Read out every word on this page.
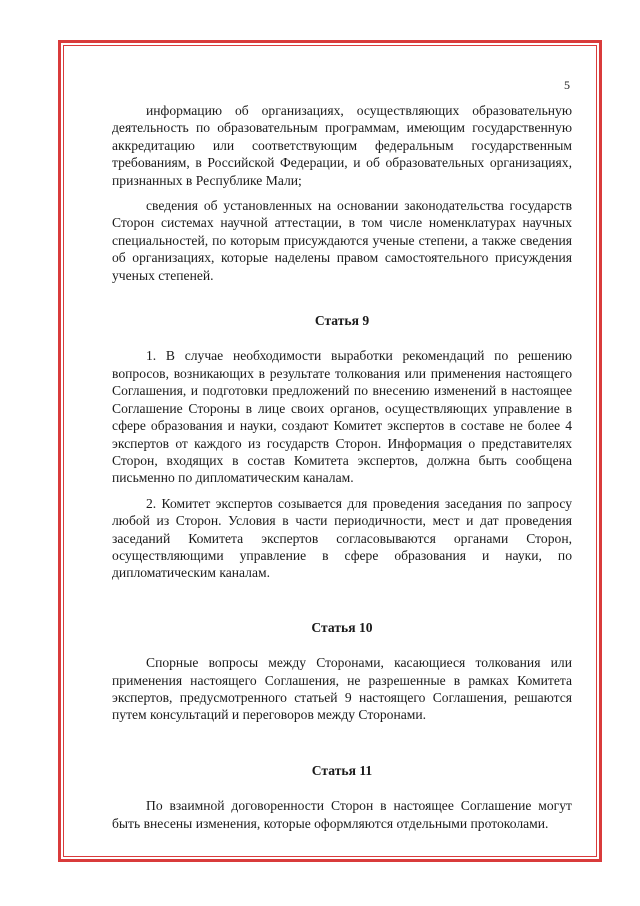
5

информацию об организациях, осуществляющих образовательную деятельность по образовательным программам, имеющим государственную аккредитацию или соответствующим федеральным государственным требованиям, в Российской Федерации, и об образовательных организациях, признанных в Республике Мали;

сведения об установленных на основании законодательства государств Сторон системах научной аттестации, в том числе номенклатурах научных специальностей, по которым присуждаются ученые степени, а также сведения об организациях, которые наделены правом самостоятельного присуждения ученых степеней.

Статья 9

1. В случае необходимости выработки рекомендаций по решению вопросов, возникающих в результате толкования или применения настоящего Соглашения, и подготовки предложений по внесению изменений в настоящее Соглашение Стороны в лице своих органов, осуществляющих управление в сфере образования и науки, создают Комитет экспертов в составе не более 4 экспертов от каждого из государств Сторон. Информация о представителях Сторон, входящих в состав Комитета экспертов, должна быть сообщена письменно по дипломатическим каналам.

2. Комитет экспертов созывается для проведения заседания по запросу любой из Сторон. Условия в части периодичности, мест и дат проведения заседаний Комитета экспертов согласовываются органами Сторон, осуществляющими управление в сфере образования и науки, по дипломатическим каналам.

Статья 10

Спорные вопросы между Сторонами, касающиеся толкования или применения настоящего Соглашения, не разрешенные в рамках Комитета экспертов, предусмотренного статьей 9 настоящего Соглашения, решаются путем консультаций и переговоров между Сторонами.

Статья 11

По взаимной договоренности Сторон в настоящее Соглашение могут быть внесены изменения, которые оформляются отдельными протоколами.
